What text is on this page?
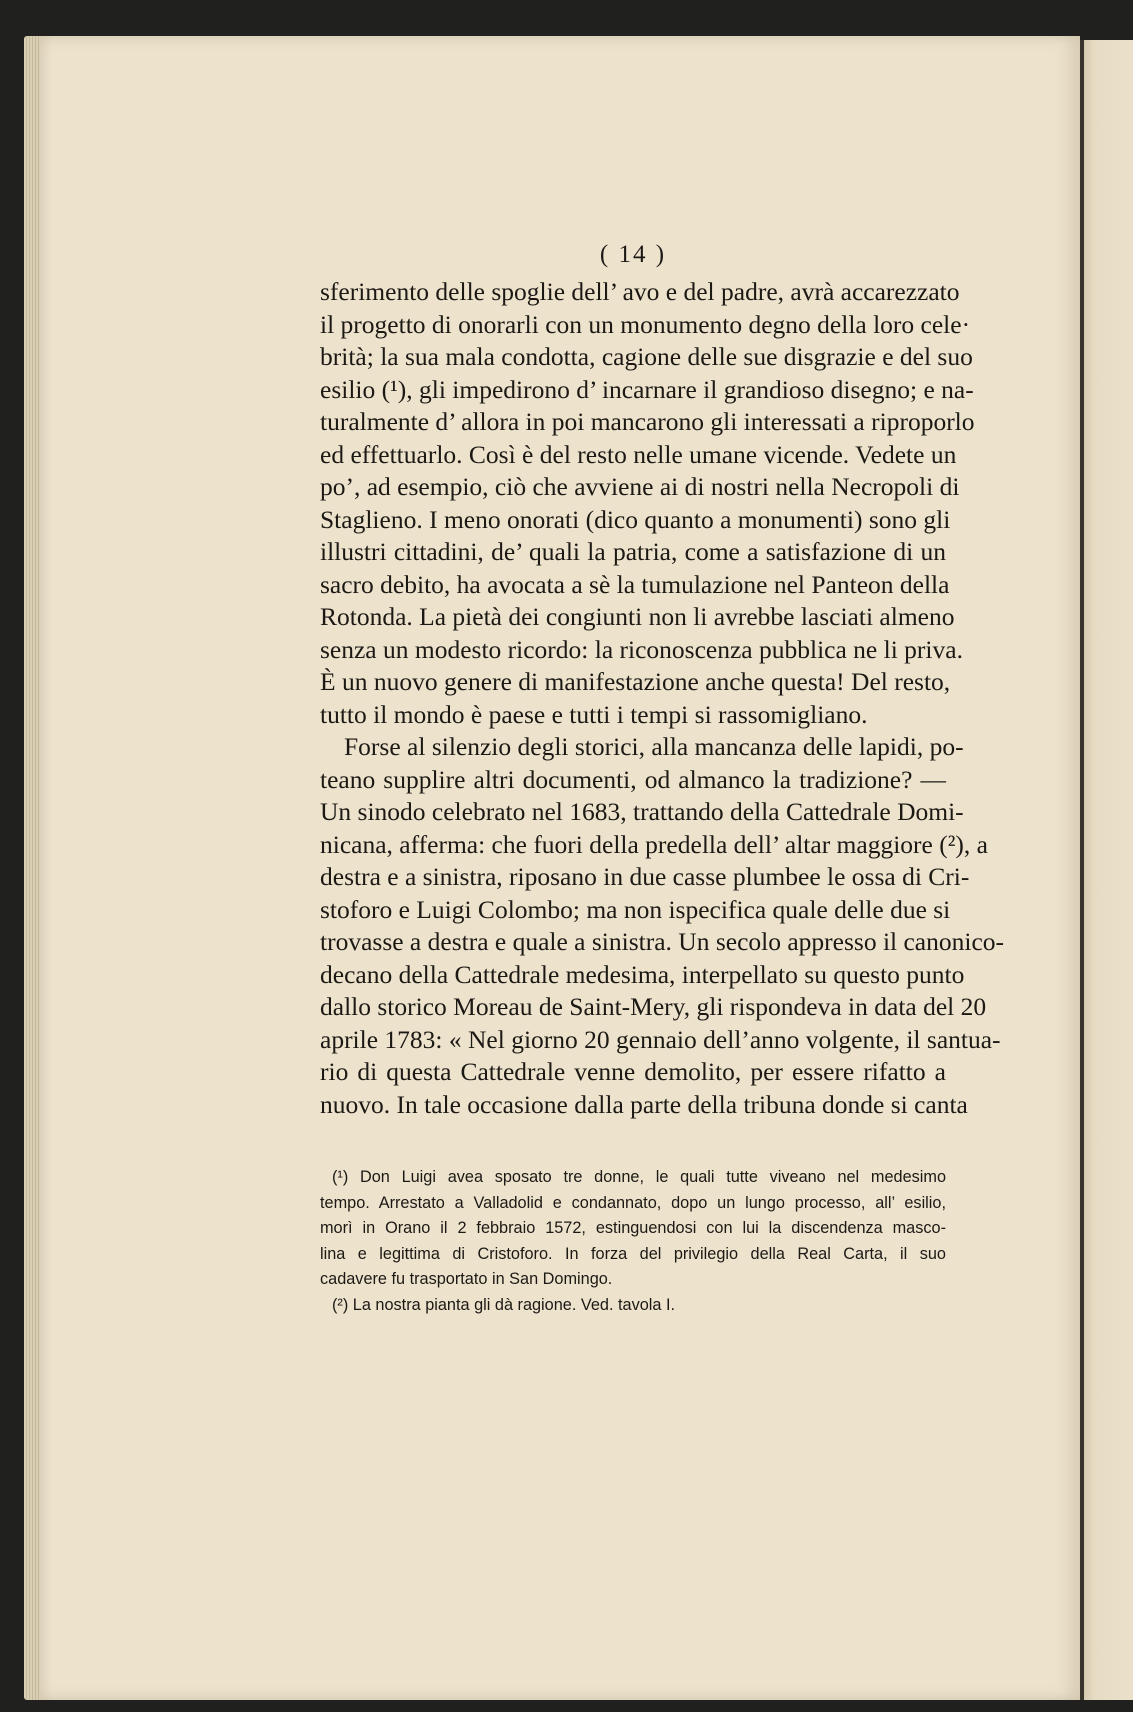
( 14 )
sferimento delle spoglie dell’ avo e del padre, avrà accarezzato
il progetto di onorarli con un monumento degno della loro cele·
brità; la sua mala condotta, cagione delle sue disgrazie e del suo
esilio (¹), gli impedirono d’ incarnare il grandioso disegno; e na-
turalmente d’ allora in poi mancarono gli interessati a riproporlo
ed effettuarlo. Così è del resto nelle umane vicende. Vedete un
po’, ad esempio, ciò che avviene ai di nostri nella Necropoli di
Staglieno. I meno onorati (dico quanto a monumenti) sono gli
illustri cittadini, de’ quali la patria, come a satisfazione di un
sacro debito, ha avocata a sè la tumulazione nel Panteon della
Rotonda. La pietà dei congiunti non li avrebbe lasciati almeno
senza un modesto ricordo: la riconoscenza pubblica ne li priva.
È un nuovo genere di manifestazione anche questa! Del resto,
tutto il mondo è paese e tutti i tempi si rassomigliano.
Forse al silenzio degli storici, alla mancanza delle lapidi, po-
teano supplire altri documenti, od almanco la tradizione? —
Un sinodo celebrato nel 1683, trattando della Cattedrale Domi-
nicana, afferma: che fuori della predella dell’ altar maggiore (²), a
destra e a sinistra, riposano in due casse plumbee le ossa di Cri-
stoforo e Luigi Colombo; ma non ispecifica quale delle due si
trovasse a destra e quale a sinistra. Un secolo appresso il canonico-
decano della Cattedrale medesima, interpellato su questo punto
dallo storico Moreau de Saint-Mery, gli rispondeva in data del 20
aprile 1783: « Nel giorno 20 gennaio dell’anno volgente, il santua-
rio di questa Cattedrale venne demolito, per essere rifatto a
nuovo. In tale occasione dalla parte della tribuna donde si canta
(¹) Don Luigi avea sposato tre donne, le quali tutte viveano nel medesimo
tempo. Arrestato a Valladolid e condannato, dopo un lungo processo, all’ esilio,
morì in Orano il 2 febbraio 1572, estinguendosi con lui la discendenza masco-
lina e legittima di Cristoforo. In forza del privilegio della Real Carta, il suo
cadavere fu trasportato in San Domingo.
(²) La nostra pianta gli dà ragione. Ved. tavola I.
